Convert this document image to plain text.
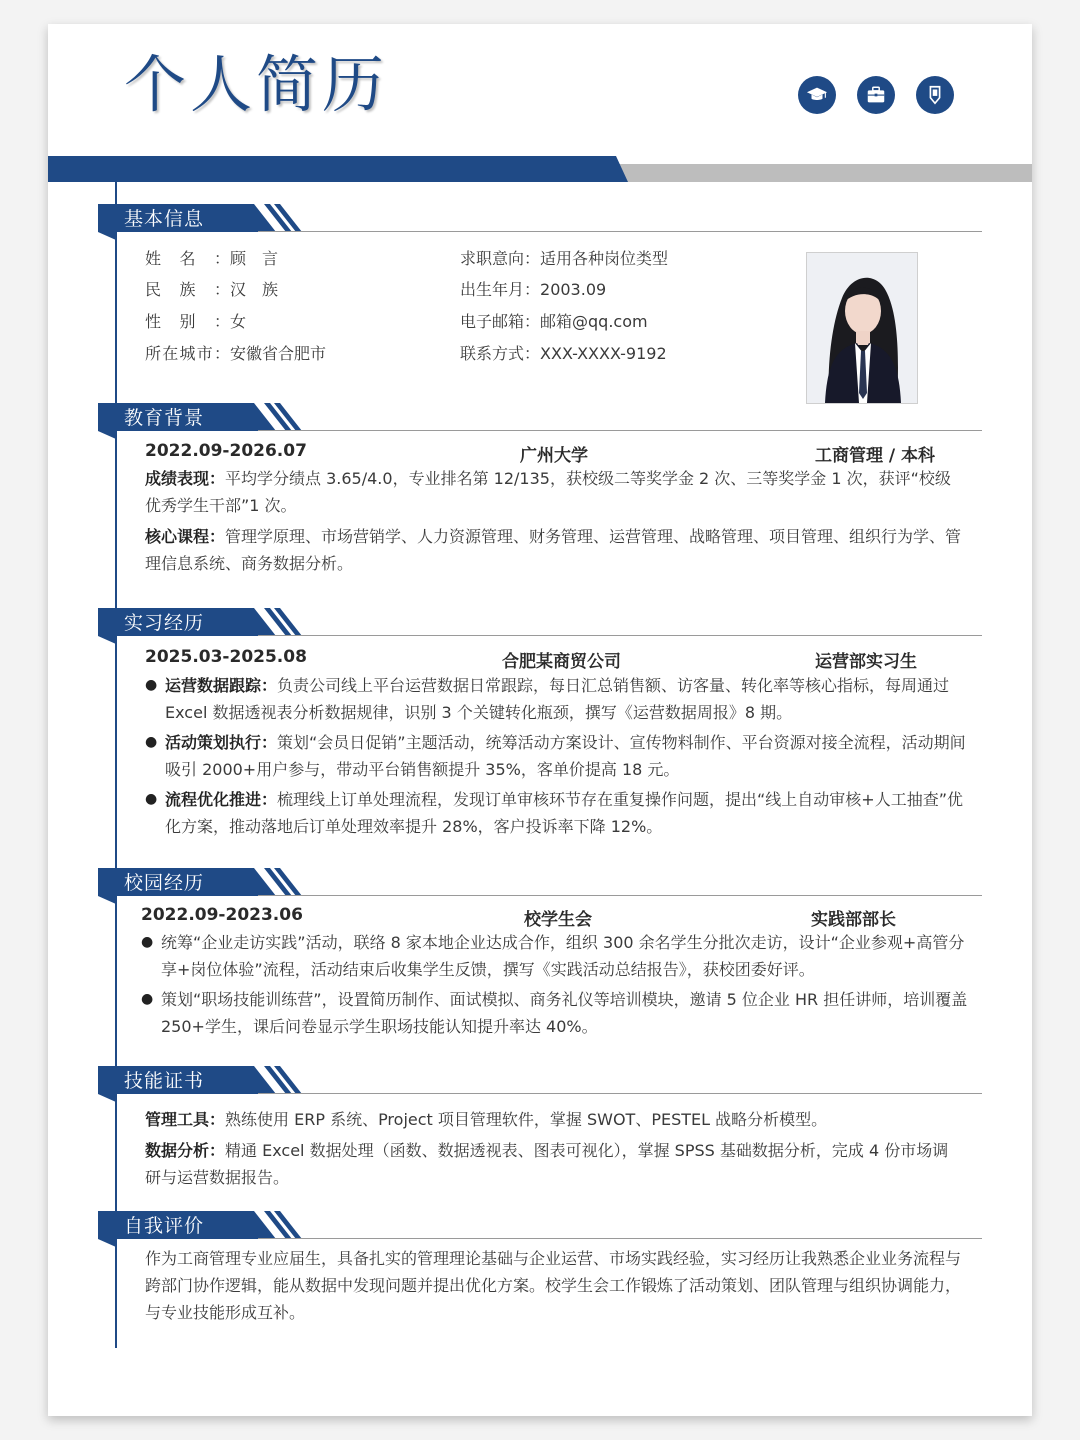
个人简历
基本信息
姓名：顾　言
民族：汉　族
性别：女
所在城市：安徽省合肥市
求职意向：适用各种岗位类型
出生年月：2003.09
电子邮箱：邮箱@qq.com
联系方式：XXX-XXXX-9192
教育背景
2022.09-2026.07	广州大学	工商管理 / 本科
成绩表现：平均学分绩点 3.65/4.0，专业排名第 12/135，获校级二等奖学金 2 次、三等奖学金 1 次，获评“校级优秀学生干部”1 次。
核心课程：管理学原理、市场营销学、人力资源管理、财务管理、运营管理、战略管理、项目管理、组织行为学、管理信息系统、商务数据分析。
实习经历
2025.03-2025.08	合肥某商贸公司	运营部实习生
● 运营数据跟踪：负责公司线上平台运营数据日常跟踪，每日汇总销售额、访客量、转化率等核心指标，每周通过 Excel 数据透视表分析数据规律，识别 3 个关键转化瓶颈，撰写《运营数据周报》8 期。
● 活动策划执行：策划“会员日促销”主题活动，统筹活动方案设计、宣传物料制作、平台资源对接全流程，活动期间吸引 2000+用户参与，带动平台销售额提升 35%，客单价提高 18 元。
● 流程优化推进：梳理线上订单处理流程，发现订单审核环节存在重复操作问题，提出“线上自动审核+人工抽查”优化方案，推动落地后订单处理效率提升 28%，客户投诉率下降 12%。
校园经历
2022.09-2023.06	校学生会	实践部部长
● 统筹“企业走访实践”活动，联络 8 家本地企业达成合作，组织 300 余名学生分批次走访，设计“企业参观+高管分享+岗位体验”流程，活动结束后收集学生反馈，撰写《实践活动总结报告》，获校团委好评。
● 策划“职场技能训练营”，设置简历制作、面试模拟、商务礼仪等培训模块，邀请 5 位企业 HR 担任讲师，培训覆盖 250+学生，课后问卷显示学生职场技能认知提升率达 40%。
技能证书
管理工具：熟练使用 ERP 系统、Project 项目管理软件，掌握 SWOT、PESTEL 战略分析模型。
数据分析：精通 Excel 数据处理（函数、数据透视表、图表可视化），掌握 SPSS 基础数据分析，完成 4 份市场调研与运营数据报告。
自我评价
作为工商管理专业应届生，具备扎实的管理理论基础与企业运营、市场实践经验，实习经历让我熟悉企业业务流程与跨部门协作逻辑，能从数据中发现问题并提出优化方案。校学生会工作锻炼了活动策划、团队管理与组织协调能力，与专业技能形成互补。
